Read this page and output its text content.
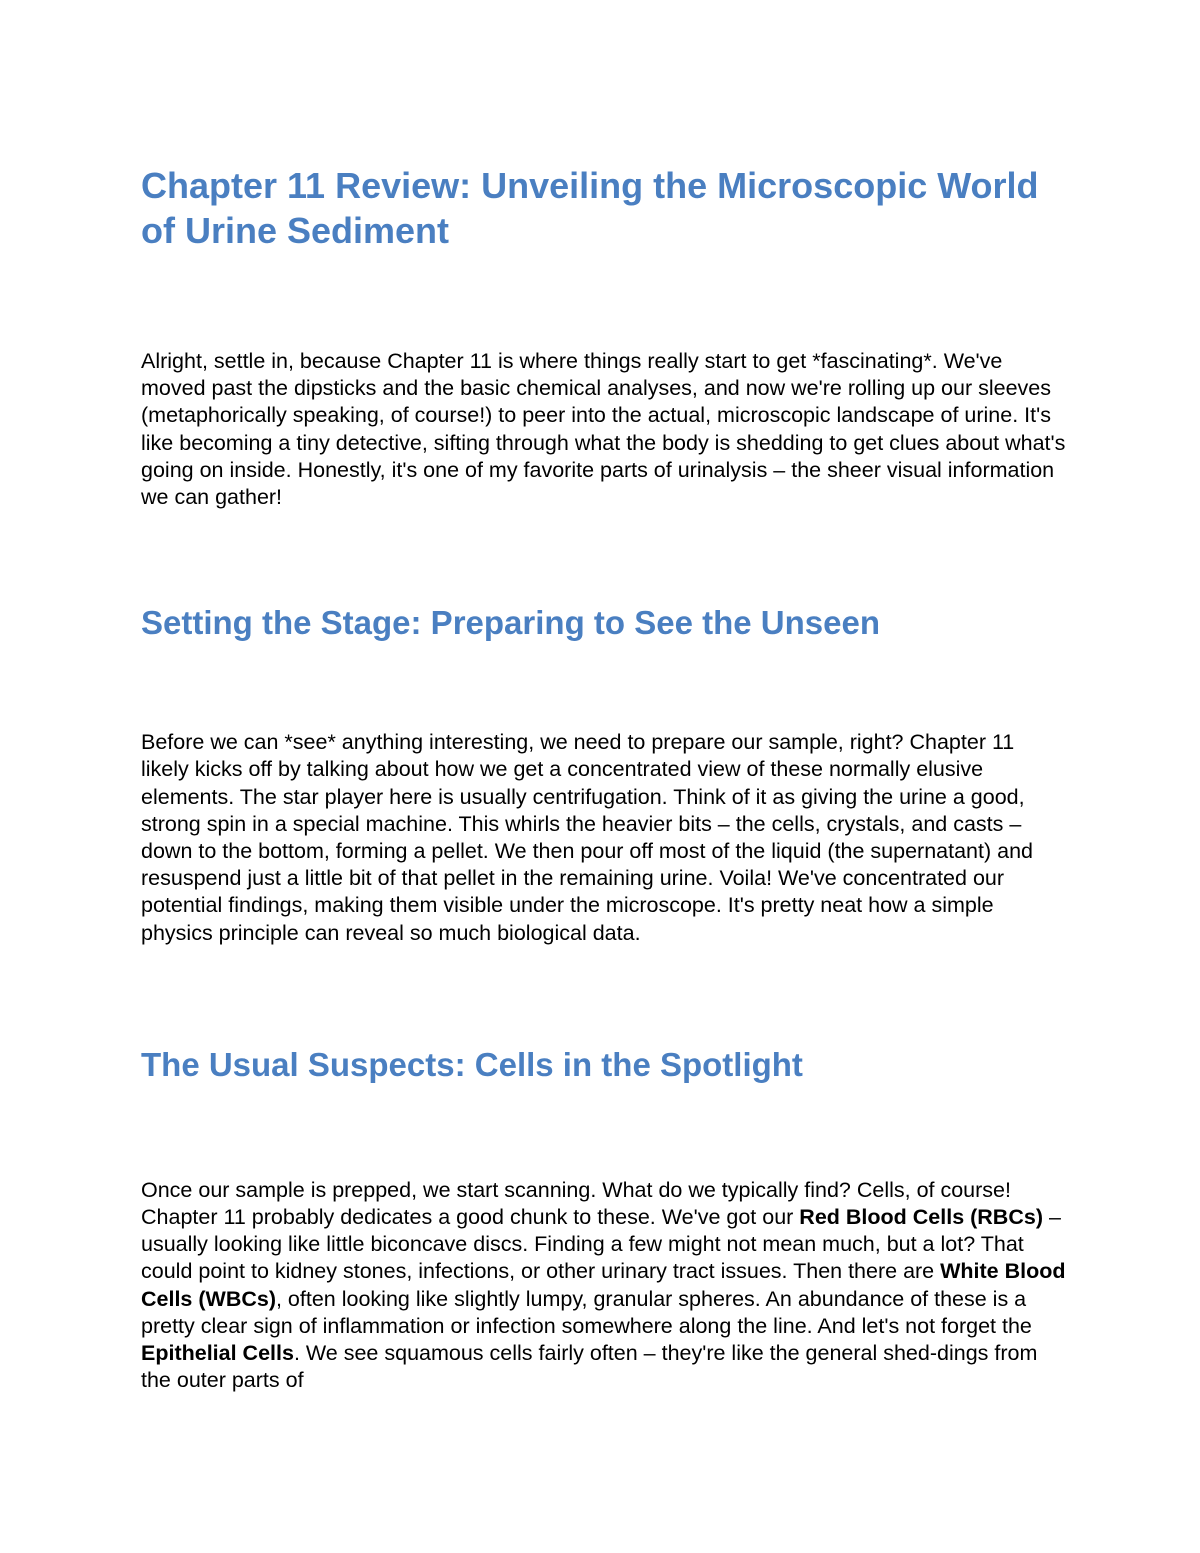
Chapter 11 Review: Unveiling the Microscopic World of Urine Sediment

Alright, settle in, because Chapter 11 is where things really start to get *fascinating*. We've moved past the dipsticks and the basic chemical analyses, and now we're rolling up our sleeves (metaphorically speaking, of course!) to peer into the actual, microscopic landscape of urine. It's like becoming a tiny detective, sifting through what the body is shedding to get clues about what's going on inside. Honestly, it's one of my favorite parts of urinalysis – the sheer visual information we can gather!

Setting the Stage: Preparing to See the Unseen

Before we can *see* anything interesting, we need to prepare our sample, right? Chapter 11 likely kicks off by talking about how we get a concentrated view of these normally elusive elements. The star player here is usually centrifugation. Think of it as giving the urine a good, strong spin in a special machine. This whirls the heavier bits – the cells, crystals, and casts – down to the bottom, forming a pellet. We then pour off most of the liquid (the supernatant) and resuspend just a little bit of that pellet in the remaining urine. Voila! We've concentrated our potential findings, making them visible under the microscope. It's pretty neat how a simple physics principle can reveal so much biological data.

The Usual Suspects: Cells in the Spotlight

Once our sample is prepped, we start scanning. What do we typically find? Cells, of course! Chapter 11 probably dedicates a good chunk to these. We've got our Red Blood Cells (RBCs) – usually looking like little biconcave discs. Finding a few might not mean much, but a lot? That could point to kidney stones, infections, or other urinary tract issues. Then there are White Blood Cells (WBCs), often looking like slightly lumpy, granular spheres. An abundance of these is a pretty clear sign of inflammation or infection somewhere along the line. And let's not forget the Epithelial Cells. We see squamous cells fairly often – they're like the general shed-dings from the outer parts of
